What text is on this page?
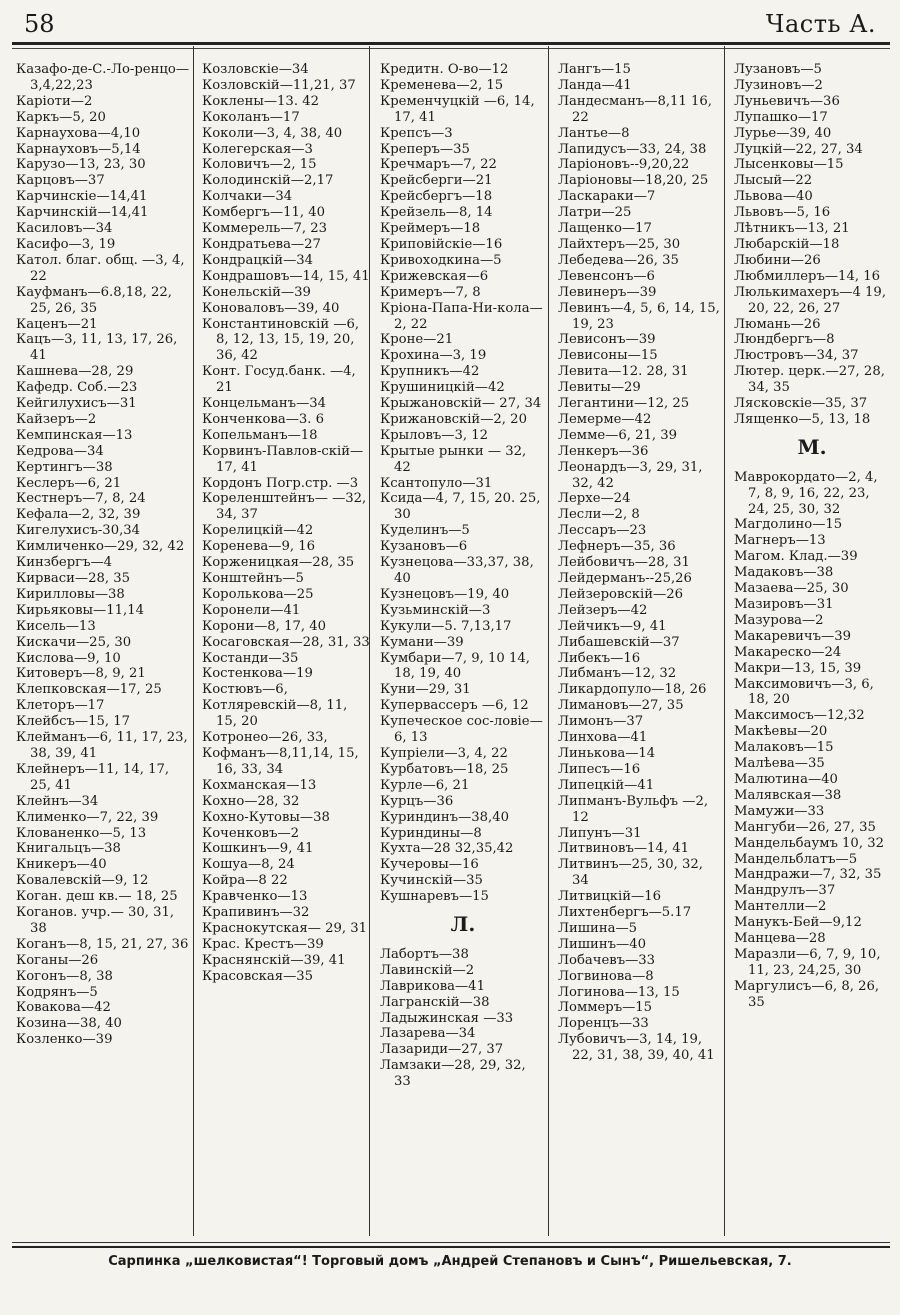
58	Часть А.
Казафо-де-С.-Ло-ренцо—3,4,22,23
Каріоти—2
Каркъ—5, 20
Карнаухова—4,10
Карнауховъ—5,14
Карузо—13, 23, 30
Карцовъ—37
Карчинскіе—14,41
Карчинскій—14,41
Касиловъ—34
Касифо—3, 19
Катол. благ. общ. —3, 4, 22
Кауфманъ—6.8,18, 22, 25, 26, 35
Каценъ—21
Кацъ—3, 11, 13, 17, 26, 41
Кашнева—28, 29
Кафедр. Соб.—23
Кейгилухисъ—31
Кайзеръ—2
Кемпинская—13
Кедрова—34
Кертингъ—38
Кеслеръ—6, 21
Кестнеръ—7, 8, 24
Кефала—2, 32, 39
Кигелухисъ-30,34
Кимличенко—29, 32, 42
Кинзбергъ—4
Кирваси—28, 35
Кирилловы—38
Кирьяковы—11,14
Кисель—13
Кискачи—25, 30
Кислова—9, 10
Китоверъ—8, 9, 21
Клепковская—17, 25
Клеторъ—17
Клейбсъ—15, 17
Клейманъ—6, 11, 17, 23, 38, 39, 41
Клейнеръ—11, 14, 17, 25, 41
Клейнъ—34
Клименко—7, 22, 39
Клованенко—5, 13
Книгальцъ—38
Кникеръ—40
Ковалевскій—9, 12
Коган. деш кв.— 18, 25
Коганов. учр.— 30, 31, 38
Коганъ—8, 15, 21, 27, 36
Коганы—26
Когонъ—8, 38
Кодрянъ—5
Ковакова—42
Козина—38, 40
Козленко—39
Козловскіе—34
Козловскій—11,21, 37
Коклены—13. 42
Коколанъ—17
Коколи—3, 4, 38, 40
Колегерская—3
Коловичъ—2, 15
Колодинскій—2,17
Колчаки—34
Комбергъ—11, 40
Коммерель—7, 23
Кондратьева—27
Кондрацкій—34
Кондрашовъ—14, 15, 41
Конельскій—39
Коноваловъ—39, 40
Константиновскій —6, 8, 12, 13, 15, 19, 20, 36, 42
Конт. Госуд.банк. —4, 21
Концельманъ—34
Конченкова—3. 6
Копельманъ—18
Корвинъ-Павлов-скій—17, 41
Кордонъ Погр.стр. —3
Кореленштейнъ— —32, 34, 37
Корелицкій—42
Коренева—9, 16
Корженицкая—28, 35
Конштейнъ—5
Королькова—25
Коронели—41
Корони—8, 17, 40
Косаговская—28, 31, 33
Костанди—35
Костенкова—19
Костювъ—6,
Котляревскій—8, 11, 15, 20
Котронео—26, 33,
Кофманъ—8,11,14, 15, 16, 33, 34
Кохманская—13
Кохно—28, 32
Кохно-Кутовы—38
Коченковъ—2
Кошкинъ—9, 41
Кошуа—8, 24
Койра—8 22
Кравченко—13
Крапивинъ—32
Краснокутская— 29, 31
Крас. Крестъ—39
Краснянскій—39, 41
Красовская—35
Кредитн. О-во—12
Кременева—2, 15
Кременчуцкій —6, 14, 17, 41
Крепсъ—3
Креперъ—35
Кречмаръ—7, 22
Крейсберги—21
Крейсбергъ—18
Крейзель—8, 14
Креймеръ—18
Криповійскіе—16
Кривоходкина—5
Крижевская—6
Кримеръ—7, 8
Кріона-Папа-Ни-кола—2, 22
Кроне—21
Крохина—3, 19
Крупникъ—42
Крушиницкій—42
Крыжановскій— 27, 34
Крижановскій—2, 20
Крыловъ—3, 12
Крытые рынки — 32, 42
Ксантопуло—31
Ксида—4, 7, 15, 20. 25, 30
Куделинъ—5
Кузановъ—6
Кузнецова—33,37, 38, 40
Кузнецовъ—19, 40
Кузьминскій—3
Кукули—5. 7,13,17
Кумани—39
Кумбари—7, 9, 10 14, 18, 19, 40
Куни—29, 31
Купервассеръ —6, 12
Купеческое сос-ловіе—6, 13
Купріели—3, 4, 22
Курбатовъ—18, 25
Курле—6, 21
Курцъ—36
Куриндинъ—38,40
Куриндины—8
Кухта—28 32,35,42
Кучеровы—16
Кучинскій—35
Кушнаревъ—15
Л.
Лабортъ—38
Лавинскій—2
Лаврикова—41
Лагранскій—38
Ладыжинская —33
Лазарева—34
Лазариди—27, 37
Ламзаки—28, 29, 32, 33
Лангъ—15
Ланда—41
Ландесманъ—8,11 16, 22
Лантье—8
Лапидусъ—33, 24, 38
Ларіоновъ--9,20,22
Ларіоновы—18,20, 25
Ласкараки—7
Латри—25
Лащенко—17
Лайхтеръ—25, 30
Лебедева—26, 35
Левенсонъ—6
Левинеръ—39
Левинъ—4, 5, 6, 14, 15, 19, 23
Левисонъ—39
Левисоны—15
Левита—12. 28, 31
Левиты—29
Легантини—12, 25
Лемерме—42
Лемме—6, 21, 39
Ленкеръ—36
Леонардъ—3, 29, 31, 32, 42
Лерхе—24
Лесли—2, 8
Лессаръ—23
Лефнеръ—35, 36
Лейбовичъ—28, 31
Лейдерманъ--25,26
Лейзеровскій—26
Лейзеръ—42
Лейчикъ—9, 41
Либашевскій—37
Либекъ—16
Либманъ—12, 32
Ликардопуло—18, 26
Лимановъ—27, 35
Лимонъ—37
Линхова—41
Линькова—14
Липесъ—16
Липецкій—41
Липманъ-Вульфъ —2, 12
Липунъ—31
Литвиновъ—14, 41
Литвинъ—25, 30, 32, 34
Литвицкій—16
Лихтенбергъ—5.17
Лишина—5
Лишинъ—40
Лобачевъ—33
Логвинова—8
Логинова—13, 15
Ломмеръ—15
Лоренцъ—33
Лубовичъ—3, 14, 19, 22, 31, 38, 39, 40, 41
Лузановъ—5
Лузиновъ—2
Луньевичъ—36
Лупашко—17
Лурье—39, 40
Луцкій—22, 27, 34
Лысенковы—15
Лысый—22
Львова—40
Львовъ—5, 16
Лѣтникъ—13, 21
Любарскій—18
Любини—26
Любмиллеръ—14, 16
Люлькимахеръ—4 19, 20, 22, 26, 27
Люмань—26
Люндбергъ—8
Люстровъ—34, 37
Лютер. церк.—27, 28, 34, 35
Лясковскіе—35, 37
Лященко—5, 13, 18
М.
Маврокордато—2, 4, 7, 8, 9, 16, 22, 23, 24, 25, 30, 32
Магдолино—15
Магнеръ—13
Магом. Клад.—39
Мадаковъ—38
Мазаева—25, 30
Мазировъ—31
Мазурова—2
Макаревичъ—39
Макареско—24
Макри—13, 15, 39
Максимовичъ—3, 6, 18, 20
Максимосъ—12,32
Макѣевы—20
Малаковъ—15
Малѣева—35
Малютина—40
Малявская—38
Мамужи—33
Мангуби—26, 27, 35
Мандельбаумъ 10, 32
Мандельблатъ—5
Мандражи—7, 32, 35
Мандрулъ—37
Мантелли—2
Манукъ-Бей—9,12
Манцева—28
Маразли—6, 7, 9, 10, 11, 23, 24,25, 30
Маргулисъ—6, 8, 26, 35
Сарпинка „шелковистая“! Торговый домъ „Андрей Степановъ и Сынъ“, Ришельевская, 7.
